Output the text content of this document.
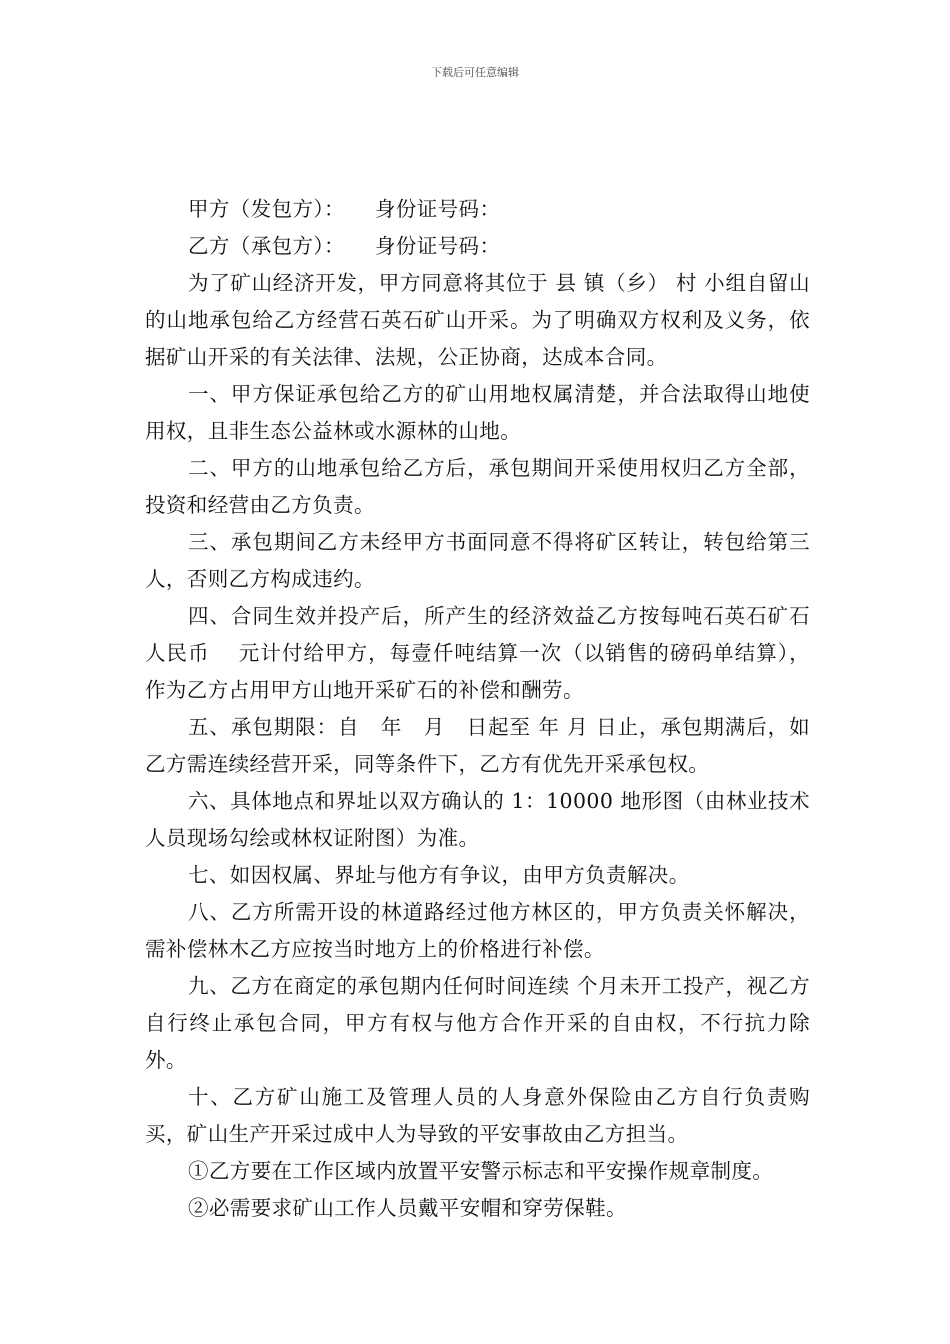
下载后可任意编辑

甲方（发包方）： 身份证号码：

乙方（承包方）： 身份证号码：

为了矿山经济开发，甲方同意将其位于 县 镇（乡） 村 小组自留山的山地承包给乙方经营石英石矿山开采。为了明确双方权利及义务，依据矿山开采的有关法律、法规，公正协商，达成本合同。

一、甲方保证承包给乙方的矿山用地权属清楚，并合法取得山地使用权，且非生态公益林或水源林的山地。

二、甲方的山地承包给乙方后，承包期间开采使用权归乙方全部，投资和经营由乙方负责。

三、承包期间乙方未经甲方书面同意不得将矿区转让，转包给第三人，否则乙方构成违约。

四、合同生效并投产后，所产生的经济效益乙方按每吨石英石矿石人民币　 元计付给甲方，每壹仟吨结算一次（以销售的磅码单结算），作为乙方占用甲方山地开采矿石的补偿和酬劳。

五、承包期限：自　年　月　日起至 年 月 日止，承包期满后，如乙方需连续经营开采，同等条件下，乙方有优先开采承包权。

六、具体地点和界址以双方确认的 1：10000 地形图（由林业技术人员现场勾绘或林权证附图）为准。

七、如因权属、界址与他方有争议，由甲方负责解决。

八、乙方所需开设的林道路经过他方林区的，甲方负责关怀解决，需补偿林木乙方应按当时地方上的价格进行补偿。

九、乙方在商定的承包期内任何时间连续 个月未开工投产，视乙方自行终止承包合同，甲方有权与他方合作开采的自由权，不行抗力除外。

十、乙方矿山施工及管理人员的人身意外保险由乙方自行负责购买，矿山生产开采过成中人为导致的平安事故由乙方担当。

①乙方要在工作区域内放置平安警示标志和平安操作规章制度。

②必需要求矿山工作人员戴平安帽和穿劳保鞋。
